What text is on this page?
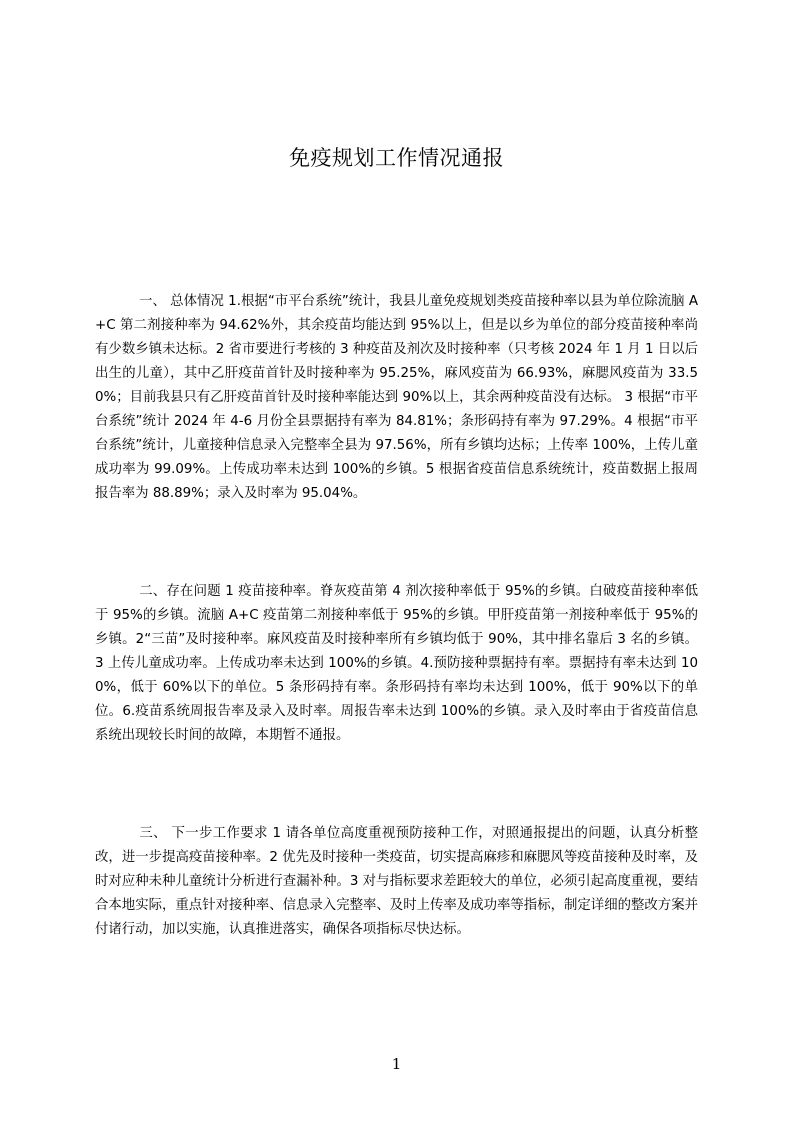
免疫规划工作情况通报
一、 总体情况 1.根据“市平台系统”统计，我县儿童免疫规划类疫苗接种率以县为单位除流脑 A+C 第二剂接种率为 94.62%外，其余疫苗均能达到 95%以上，但是以乡为单位的部分疫苗接种率尚有少数乡镇未达标。2 省市要进行考核的 3 种疫苗及剂次及时接种率（只考核 2024 年 1 月 1 日以后出生的儿童），其中乙肝疫苗首针及时接种率为 95.25%，麻风疫苗为 66.93%，麻腮风疫苗为 33.50%；目前我县只有乙肝疫苗首针及时接种率能达到 90%以上，其余两种疫苗没有达标。 3 根据“市平台系统”统计 2024 年 4-6 月份全县票据持有率为 84.81%；条形码持有率为 97.29%。4 根据“市平台系统”统计，儿童接种信息录入完整率全县为 97.56%，所有乡镇均达标；上传率 100%，上传儿童成功率为 99.09%。上传成功率未达到 100%的乡镇。5 根据省疫苗信息系统统计，疫苗数据上报周报告率为 88.89%；录入及时率为 95.04%。
二、存在问题 1 疫苗接种率。脊灰疫苗第 4 剂次接种率低于 95%的乡镇。白破疫苗接种率低于 95%的乡镇。流脑 A+C 疫苗第二剂接种率低于 95%的乡镇。甲肝疫苗第一剂接种率低于 95%的乡镇。2“三苗”及时接种率。麻风疫苗及时接种率所有乡镇均低于 90%，其中排名靠后 3 名的乡镇。3 上传儿童成功率。上传成功率未达到 100%的乡镇。4.预防接种票据持有率。票据持有率未达到 100%，低于 60%以下的单位。5 条形码持有率。条形码持有率均未达到 100%，低于 90%以下的单位。6.疫苗系统周报告率及录入及时率。周报告率未达到 100%的乡镇。录入及时率由于省疫苗信息系统出现较长时间的故障，本期暂不通报。
三、 下一步工作要求 1 请各单位高度重视预防接种工作，对照通报提出的问题，认真分析整改，进一步提高疫苗接种率。2 优先及时接种一类疫苗，切实提高麻疹和麻腮风等疫苗接种及时率，及时对应种未种儿童统计分析进行查漏补种。3 对与指标要求差距较大的单位，必须引起高度重视，要结合本地实际，重点针对接种率、信息录入完整率、及时上传率及成功率等指标，制定详细的整改方案并付诸行动，加以实施，认真推进落实，确保各项指标尽快达标。
1
